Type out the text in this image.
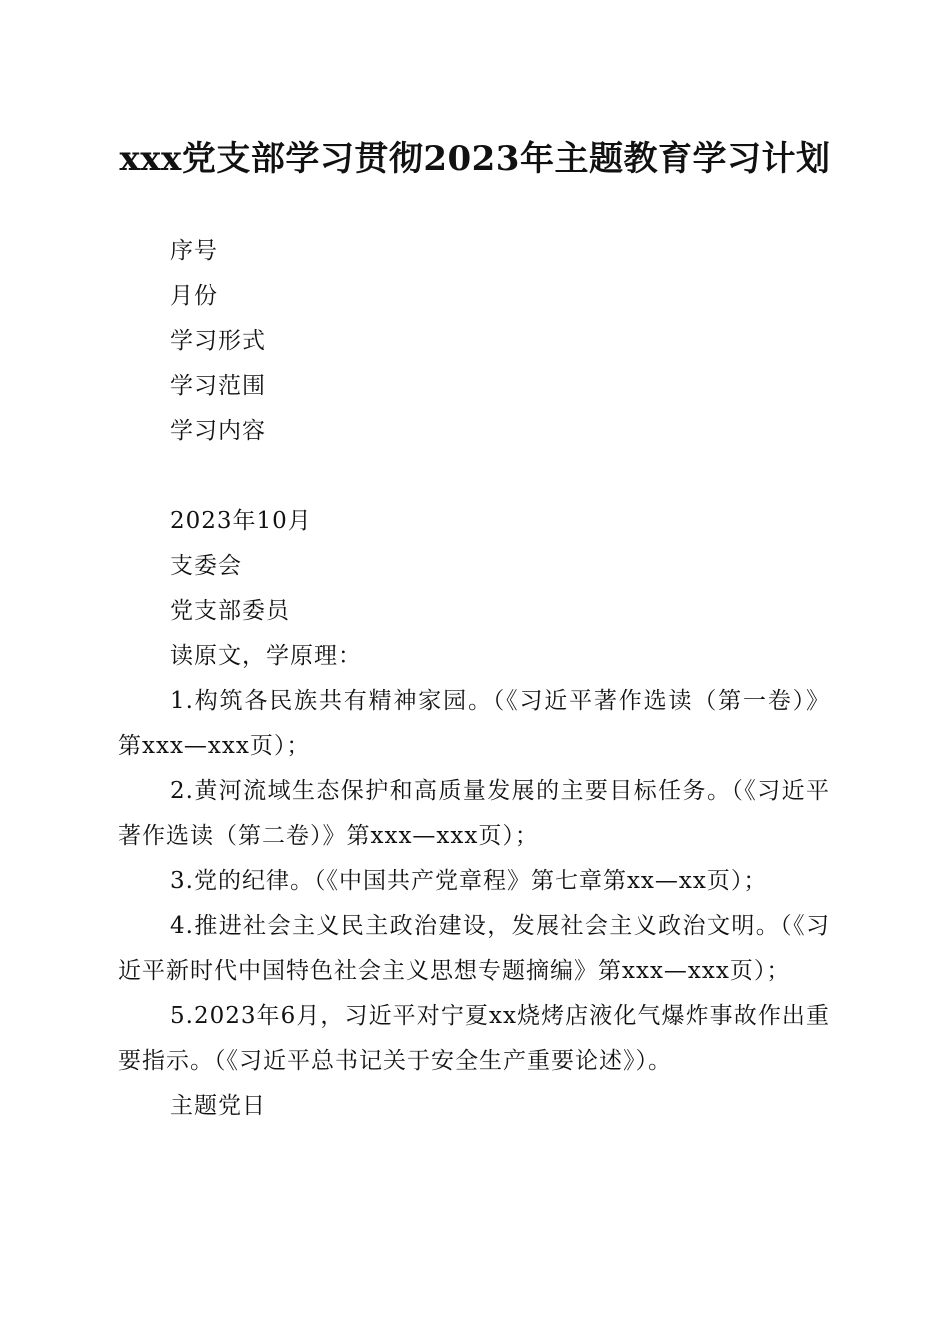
xxx党支部学习贯彻2023年主题教育学习计划

序号

月份

学习形式

学习范围

学习内容

2023年10月

支委会

党支部委员

读原文，学原理：

1.构筑各民族共有精神家园。（《习近平著作选读（第一卷）》第xxx—xxx页）；

2.黄河流域生态保护和高质量发展的主要目标任务。（《习近平著作选读（第二卷）》第xxx—xxx页）；

3.党的纪律。（《中国共产党章程》第七章第xx—xx页）；

4.推进社会主义民主政治建设，发展社会主义政治文明。（《习近平新时代中国特色社会主义思想专题摘编》第xxx—xxx页）；

5.2023年6月，习近平对宁夏xx烧烤店液化气爆炸事故作出重要指示。（《习近平总书记关于安全生产重要论述》）。

主题党日
